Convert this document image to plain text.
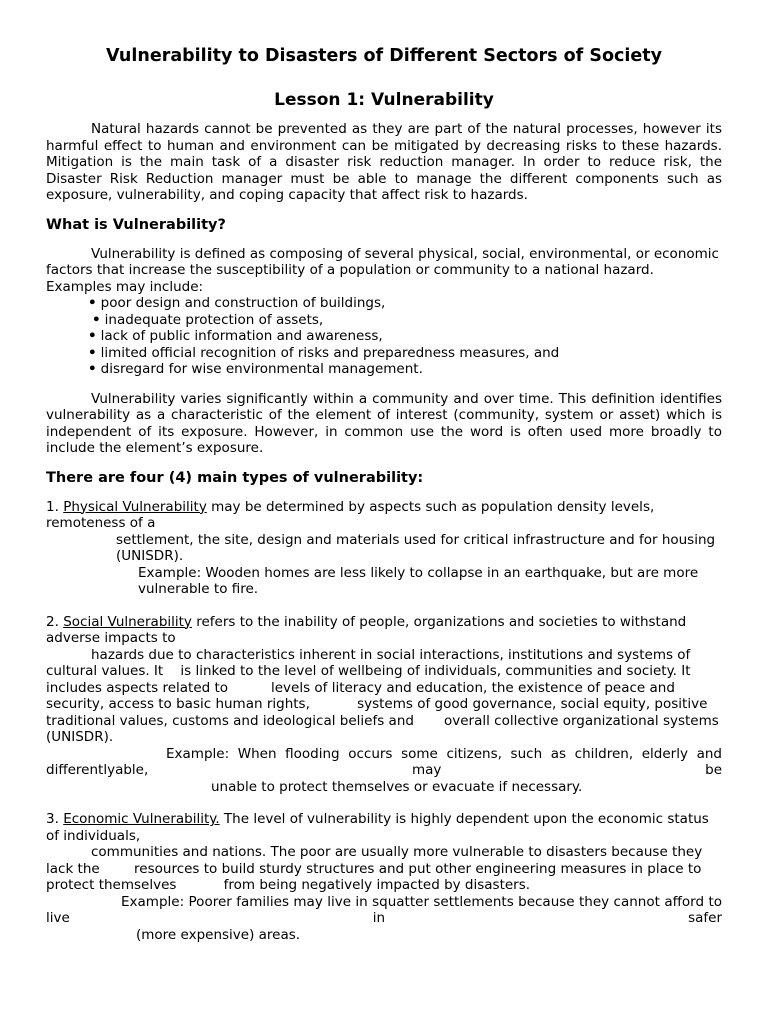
Vulnerability to Disasters of Different Sectors of Society
Lesson 1: Vulnerability

Natural hazards cannot be prevented as they are part of the natural processes, however its harmful effect to human and environment can be mitigated by decreasing risks to these hazards. Mitigation is the main task of a disaster risk reduction manager. In order to reduce risk, the Disaster Risk Reduction manager must be able to manage the different components such as exposure, vulnerability, and coping capacity that affect risk to hazards.

What is Vulnerability?

Vulnerability is defined as composing of several physical, social, environmental, or economic factors that increase the susceptibility of a population or community to a national hazard. Examples may include:

• poor design and construction of buildings,
• inadequate protection of assets,
• lack of public information and awareness,
• limited official recognition of risks and preparedness measures, and
• disregard for wise environmental management.

Vulnerability varies significantly within a community and over time. This definition identifies vulnerability as a characteristic of the element of interest (community, system or asset) which is independent of its exposure. However, in common use the word is often used more broadly to include the element’s exposure.

There are four (4) main types of vulnerability:

1. Physical Vulnerability may be determined by aspects such as population density levels, remoteness of a

settlement, the site, design and materials used for critical infrastructure and for housing (UNISDR).

Example: Wooden homes are less likely to collapse in an earthquake, but are more vulnerable to fire.

2. Social Vulnerability refers to the inability of people, organizations and societies to withstand adverse impacts to

hazards due to characteristics inherent in social interactions, institutions and systems of cultural values. It    is linked to the level of wellbeing of individuals, communities and society. It includes aspects related to          levels of literacy and education, the existence of peace and security, access to basic human rights,           systems of good governance, social equity, positive traditional values, customs and ideological beliefs and       overall collective organizational systems (UNISDR).

Example: When flooding occurs some citizens, such as children, elderly and differentlyable, may be

unable to protect themselves or evacuate if necessary.

3. Economic Vulnerability. The level of vulnerability is highly dependent upon the economic status of individuals,

communities and nations. The poor are usually more vulnerable to disasters because they lack the        resources to build sturdy structures and put other engineering measures in place to protect themselves           from being negatively impacted by disasters.

Example: Poorer families may live in squatter settlements because they cannot afford to live in safer

(more expensive) areas.
